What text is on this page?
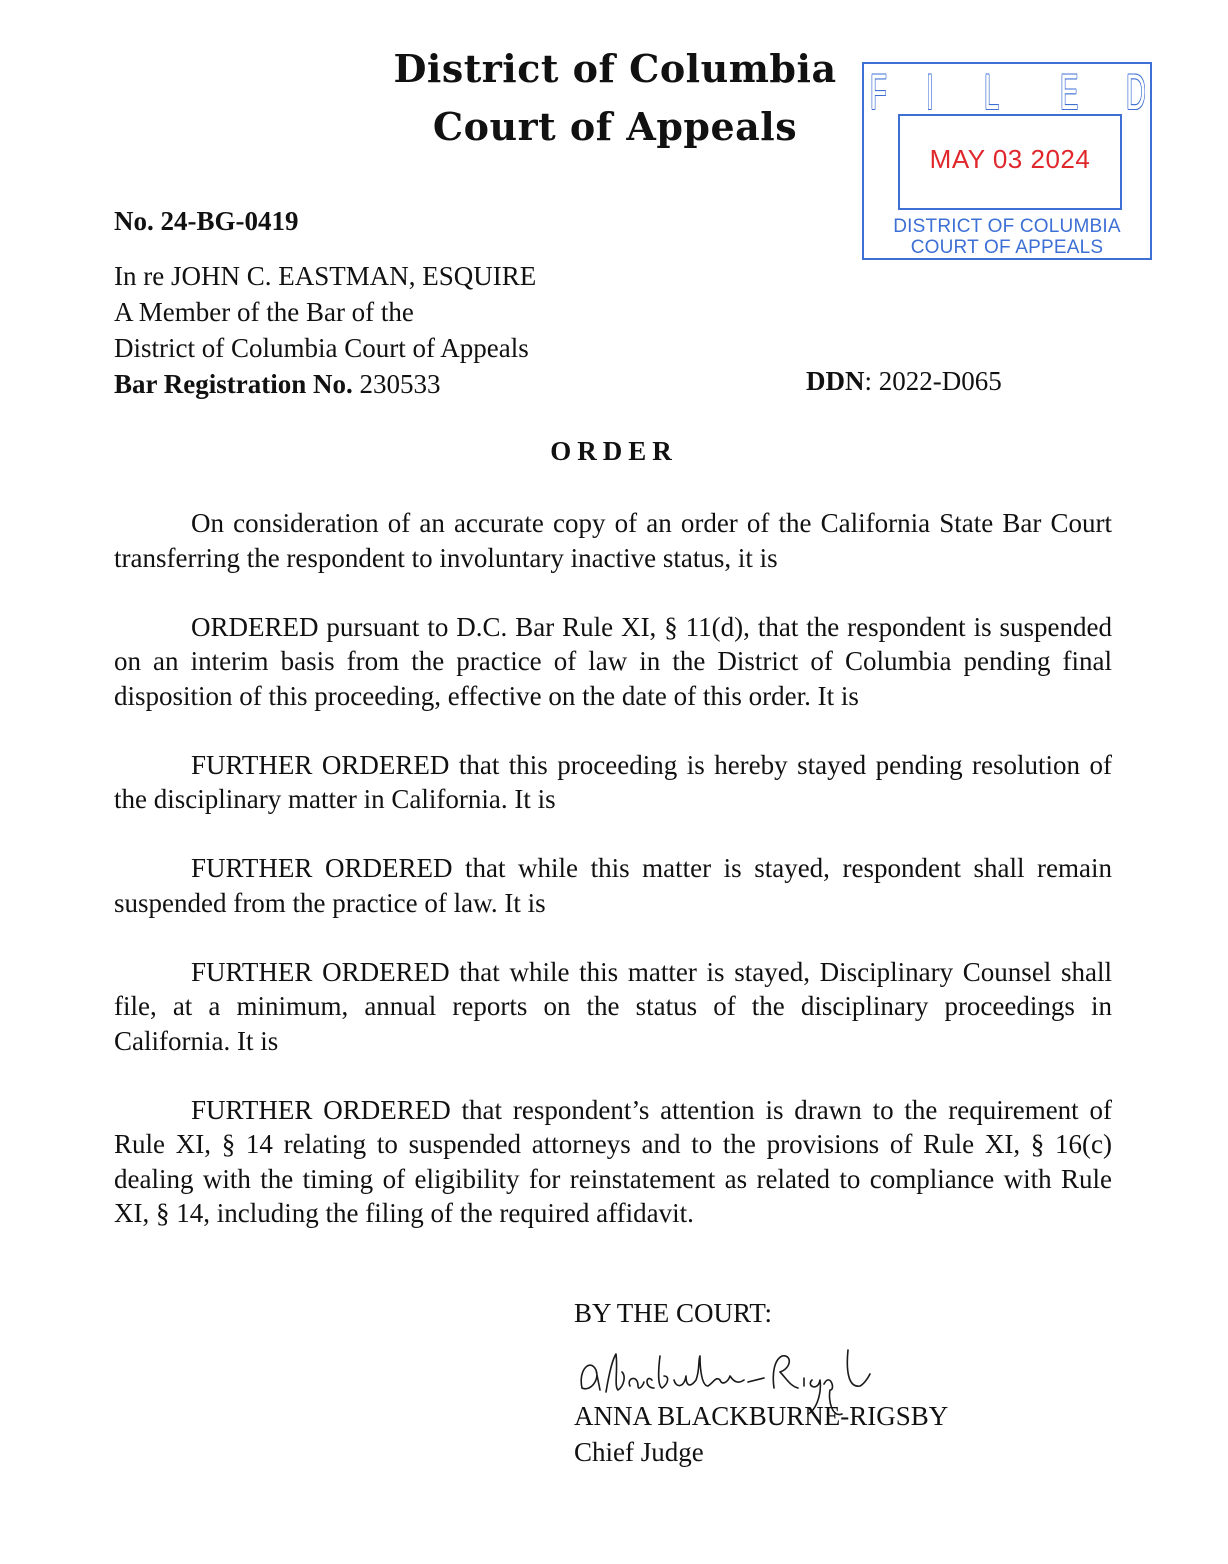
District of Columbia
Court of Appeals
F I L E D
MAY 03 2024
DISTRICT OF COLUMBIA
COURT OF APPEALS
No. 24-BG-0419
In re JOHN C. EASTMAN, ESQUIRE
A Member of the Bar of the
District of Columbia Court of Appeals
Bar Registration No. 230533	DDN: 2022-D065
ORDER

On consideration of an accurate copy of an order of the California State Bar Court transferring the respondent to involuntary inactive status, it is

ORDERED pursuant to D.C. Bar Rule XI, § 11(d), that the respondent is suspended on an interim basis from the practice of law in the District of Columbia pending final disposition of this proceeding, effective on the date of this order. It is

FURTHER ORDERED that this proceeding is hereby stayed pending resolution of the disciplinary matter in California. It is

FURTHER ORDERED that while this matter is stayed, respondent shall remain suspended from the practice of law. It is

FURTHER ORDERED that while this matter is stayed, Disciplinary Counsel shall file, at a minimum, annual reports on the status of the disciplinary proceedings in California. It is

FURTHER ORDERED that respondent’s attention is drawn to the requirement of Rule XI, § 14 relating to suspended attorneys and to the provisions of Rule XI, § 16(c) dealing with the timing of eligibility for reinstatement as related to compliance with Rule XI, § 14, including the filing of the required affidavit.

BY THE COURT:
A. Blackburne-Rigsby
ANNA BLACKBURNE-RIGSBY
Chief Judge
